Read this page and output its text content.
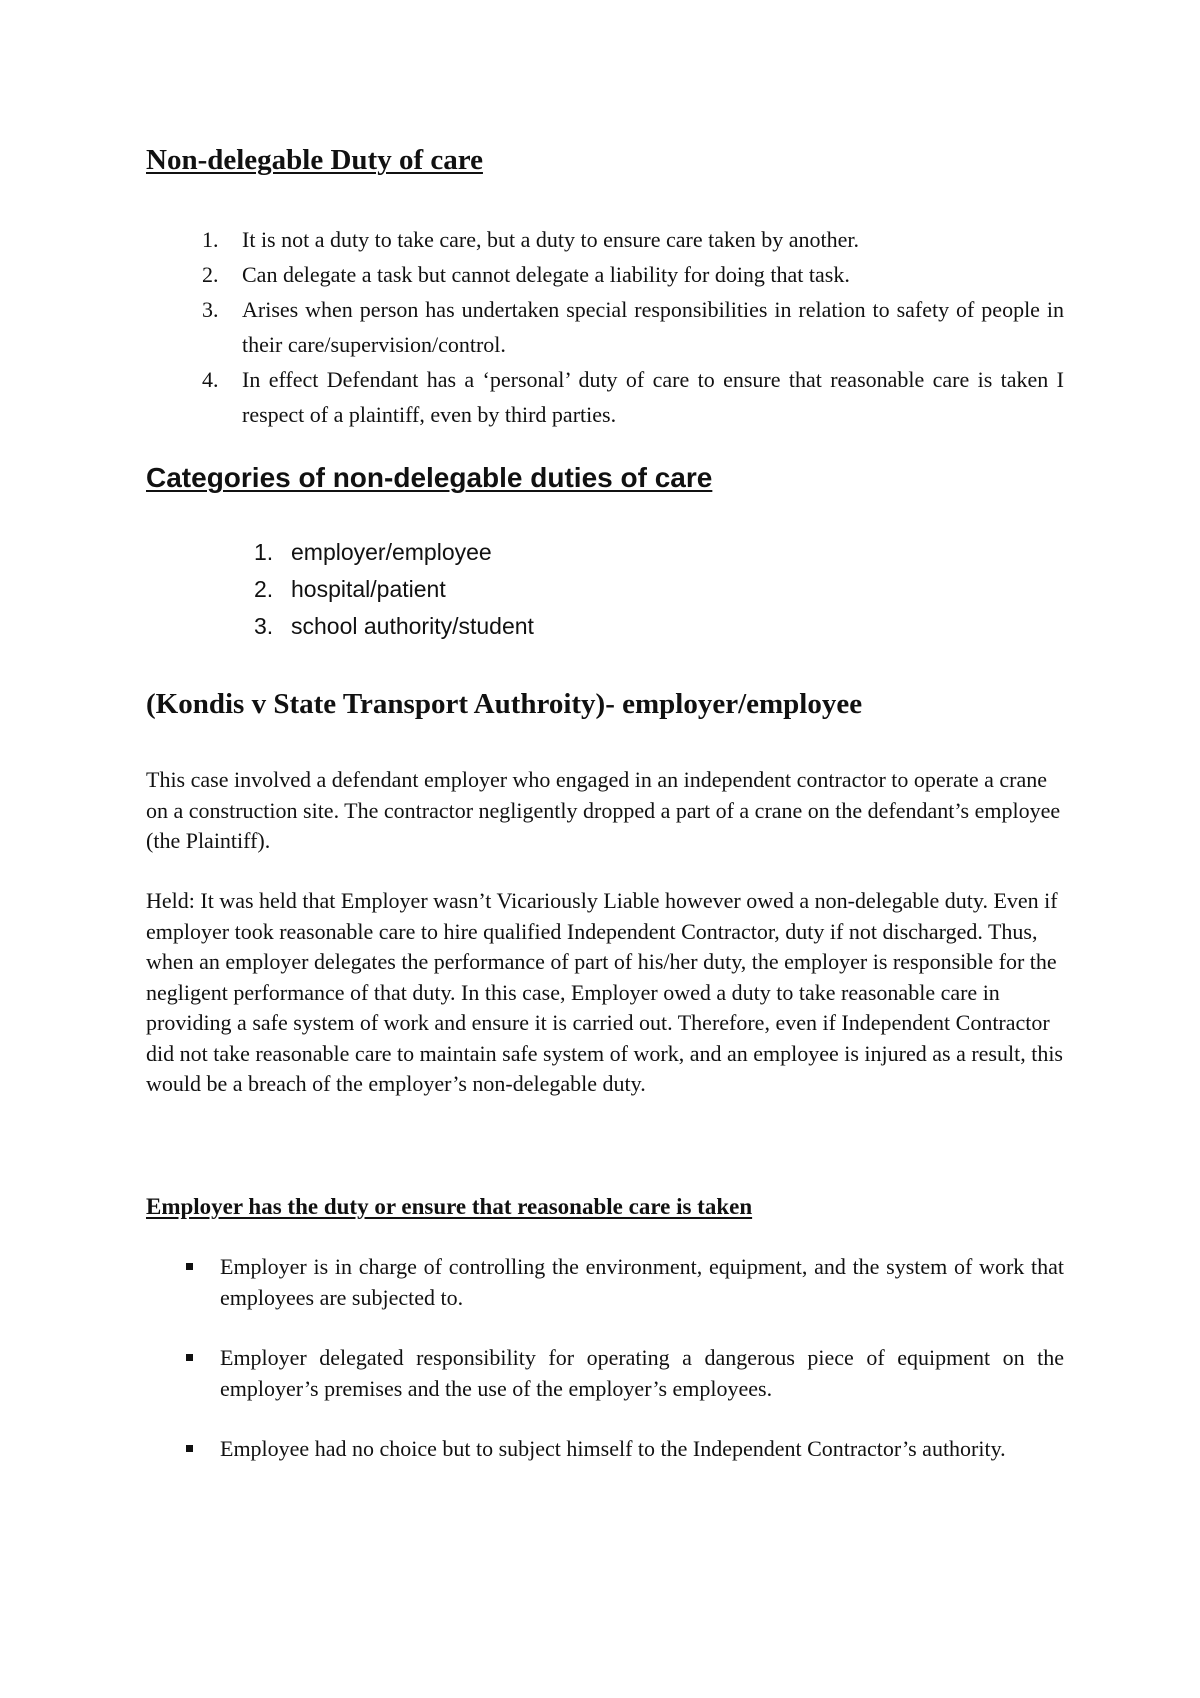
Non-delegable Duty of care
1. It is not a duty to take care, but a duty to ensure care taken by another.
2. Can delegate a task but cannot delegate a liability for doing that task.
3. Arises when person has undertaken special responsibilities in relation to safety of people in their care/supervision/control.
4. In effect Defendant has a ‘personal’ duty of care to ensure that reasonable care is taken I respect of a plaintiff, even by third parties.
Categories of non-delegable duties of care
1. employer/employee
2. hospital/patient
3. school authority/student
(Kondis v State Transport Authroity)- employer/employee

This case involved a defendant employer who engaged in an independent contractor to operate a crane on a construction site. The contractor negligently dropped a part of a crane on the defendant’s employee (the Plaintiff).

Held: It was held that Employer wasn’t Vicariously Liable however owed a non-delegable duty. Even if employer took reasonable care to hire qualified Independent Contractor, duty if not discharged. Thus, when an employer delegates the performance of part of his/her duty, the employer is responsible for the negligent performance of that duty. In this case, Employer owed a duty to take reasonable care in providing a safe system of work and ensure it is carried out. Therefore, even if Independent Contractor did not take reasonable care to maintain safe system of work, and an employee is injured as a result, this would be a breach of the employer’s non-delegable duty.

Employer has the duty or ensure that reasonable care is taken
Employer is in charge of controlling the environment, equipment, and the system of work that employees are subjected to.
Employer delegated responsibility for operating a dangerous piece of equipment on the employer’s premises and the use of the employer’s employees.
Employee had no choice but to subject himself to the Independent Contractor’s authority.
